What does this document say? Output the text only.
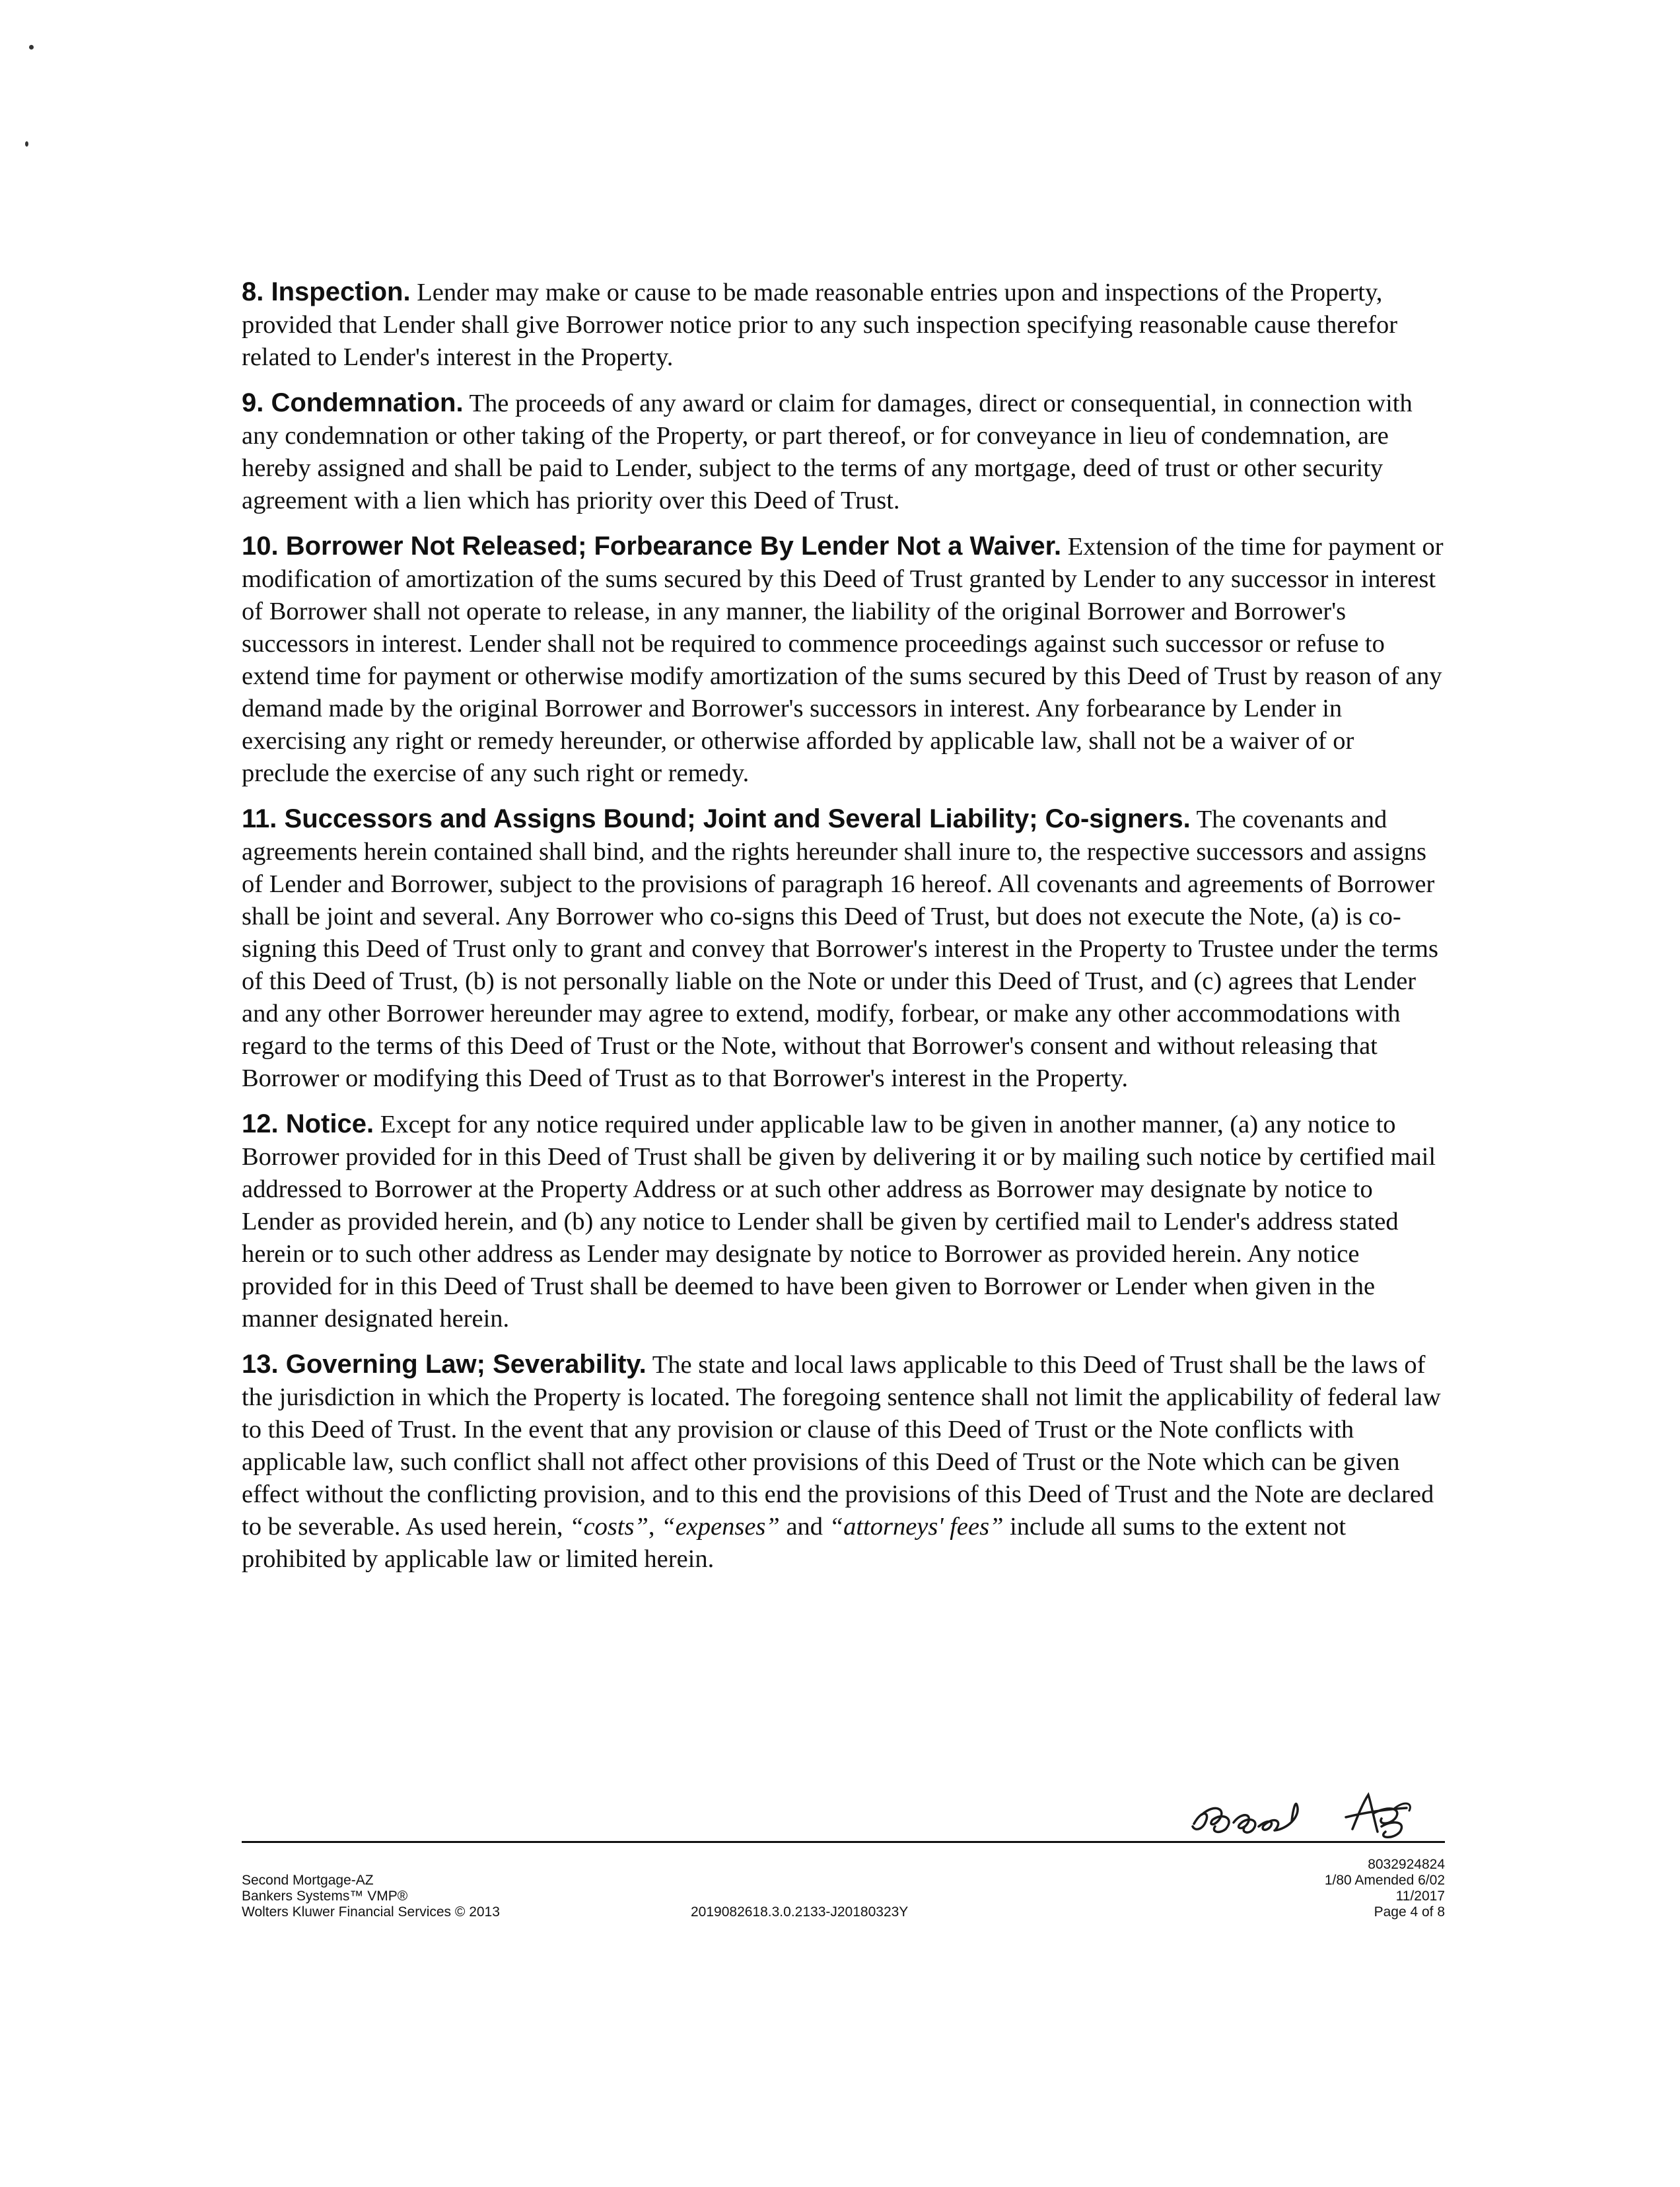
8. Inspection. Lender may make or cause to be made reasonable entries upon and inspections of the Property, provided that Lender shall give Borrower notice prior to any such inspection specifying reasonable cause therefor related to Lender's interest in the Property.

9. Condemnation. The proceeds of any award or claim for damages, direct or consequential, in connection with any condemnation or other taking of the Property, or part thereof, or for conveyance in lieu of condemnation, are hereby assigned and shall be paid to Lender, subject to the terms of any mortgage, deed of trust or other security agreement with a lien which has priority over this Deed of Trust.

10. Borrower Not Released; Forbearance By Lender Not a Waiver. Extension of the time for payment or modification of amortization of the sums secured by this Deed of Trust granted by Lender to any successor in interest of Borrower shall not operate to release, in any manner, the liability of the original Borrower and Borrower's successors in interest. Lender shall not be required to commence proceedings against such successor or refuse to extend time for payment or otherwise modify amortization of the sums secured by this Deed of Trust by reason of any demand made by the original Borrower and Borrower's successors in interest. Any forbearance by Lender in exercising any right or remedy hereunder, or otherwise afforded by applicable law, shall not be a waiver of or preclude the exercise of any such right or remedy.

11. Successors and Assigns Bound; Joint and Several Liability; Co-signers. The covenants and agreements herein contained shall bind, and the rights hereunder shall inure to, the respective successors and assigns of Lender and Borrower, subject to the provisions of paragraph 16 hereof. All covenants and agreements of Borrower shall be joint and several. Any Borrower who co-signs this Deed of Trust, but does not execute the Note, (a) is co-signing this Deed of Trust only to grant and convey that Borrower's interest in the Property to Trustee under the terms of this Deed of Trust, (b) is not personally liable on the Note or under this Deed of Trust, and (c) agrees that Lender and any other Borrower hereunder may agree to extend, modify, forbear, or make any other accommodations with regard to the terms of this Deed of Trust or the Note, without that Borrower's consent and without releasing that Borrower or modifying this Deed of Trust as to that Borrower's interest in the Property.

12. Notice. Except for any notice required under applicable law to be given in another manner, (a) any notice to Borrower provided for in this Deed of Trust shall be given by delivering it or by mailing such notice by certified mail addressed to Borrower at the Property Address or at such other address as Borrower may designate by notice to Lender as provided herein, and (b) any notice to Lender shall be given by certified mail to Lender's address stated herein or to such other address as Lender may designate by notice to Borrower as provided herein. Any notice provided for in this Deed of Trust shall be deemed to have been given to Borrower or Lender when given in the manner designated herein.

13. Governing Law; Severability. The state and local laws applicable to this Deed of Trust shall be the laws of the jurisdiction in which the Property is located. The foregoing sentence shall not limit the applicability of federal law to this Deed of Trust. In the event that any provision or clause of this Deed of Trust or the Note conflicts with applicable law, such conflict shall not affect other provisions of this Deed of Trust or the Note which can be given effect without the conflicting provision, and to this end the provisions of this Deed of Trust and the Note are declared to be severable. As used herein, “costs”, “expenses” and “attorneys' fees” include all sums to the extent not prohibited by applicable law or limited herein.

Second Mortgage-AZ
Bankers Systems™ VMP®
Wolters Kluwer Financial Services © 2013	2019082618.3.0.2133-J20180323Y
8032924824
1/80 Amended 6/02
11/2017
Page 4 of 8
